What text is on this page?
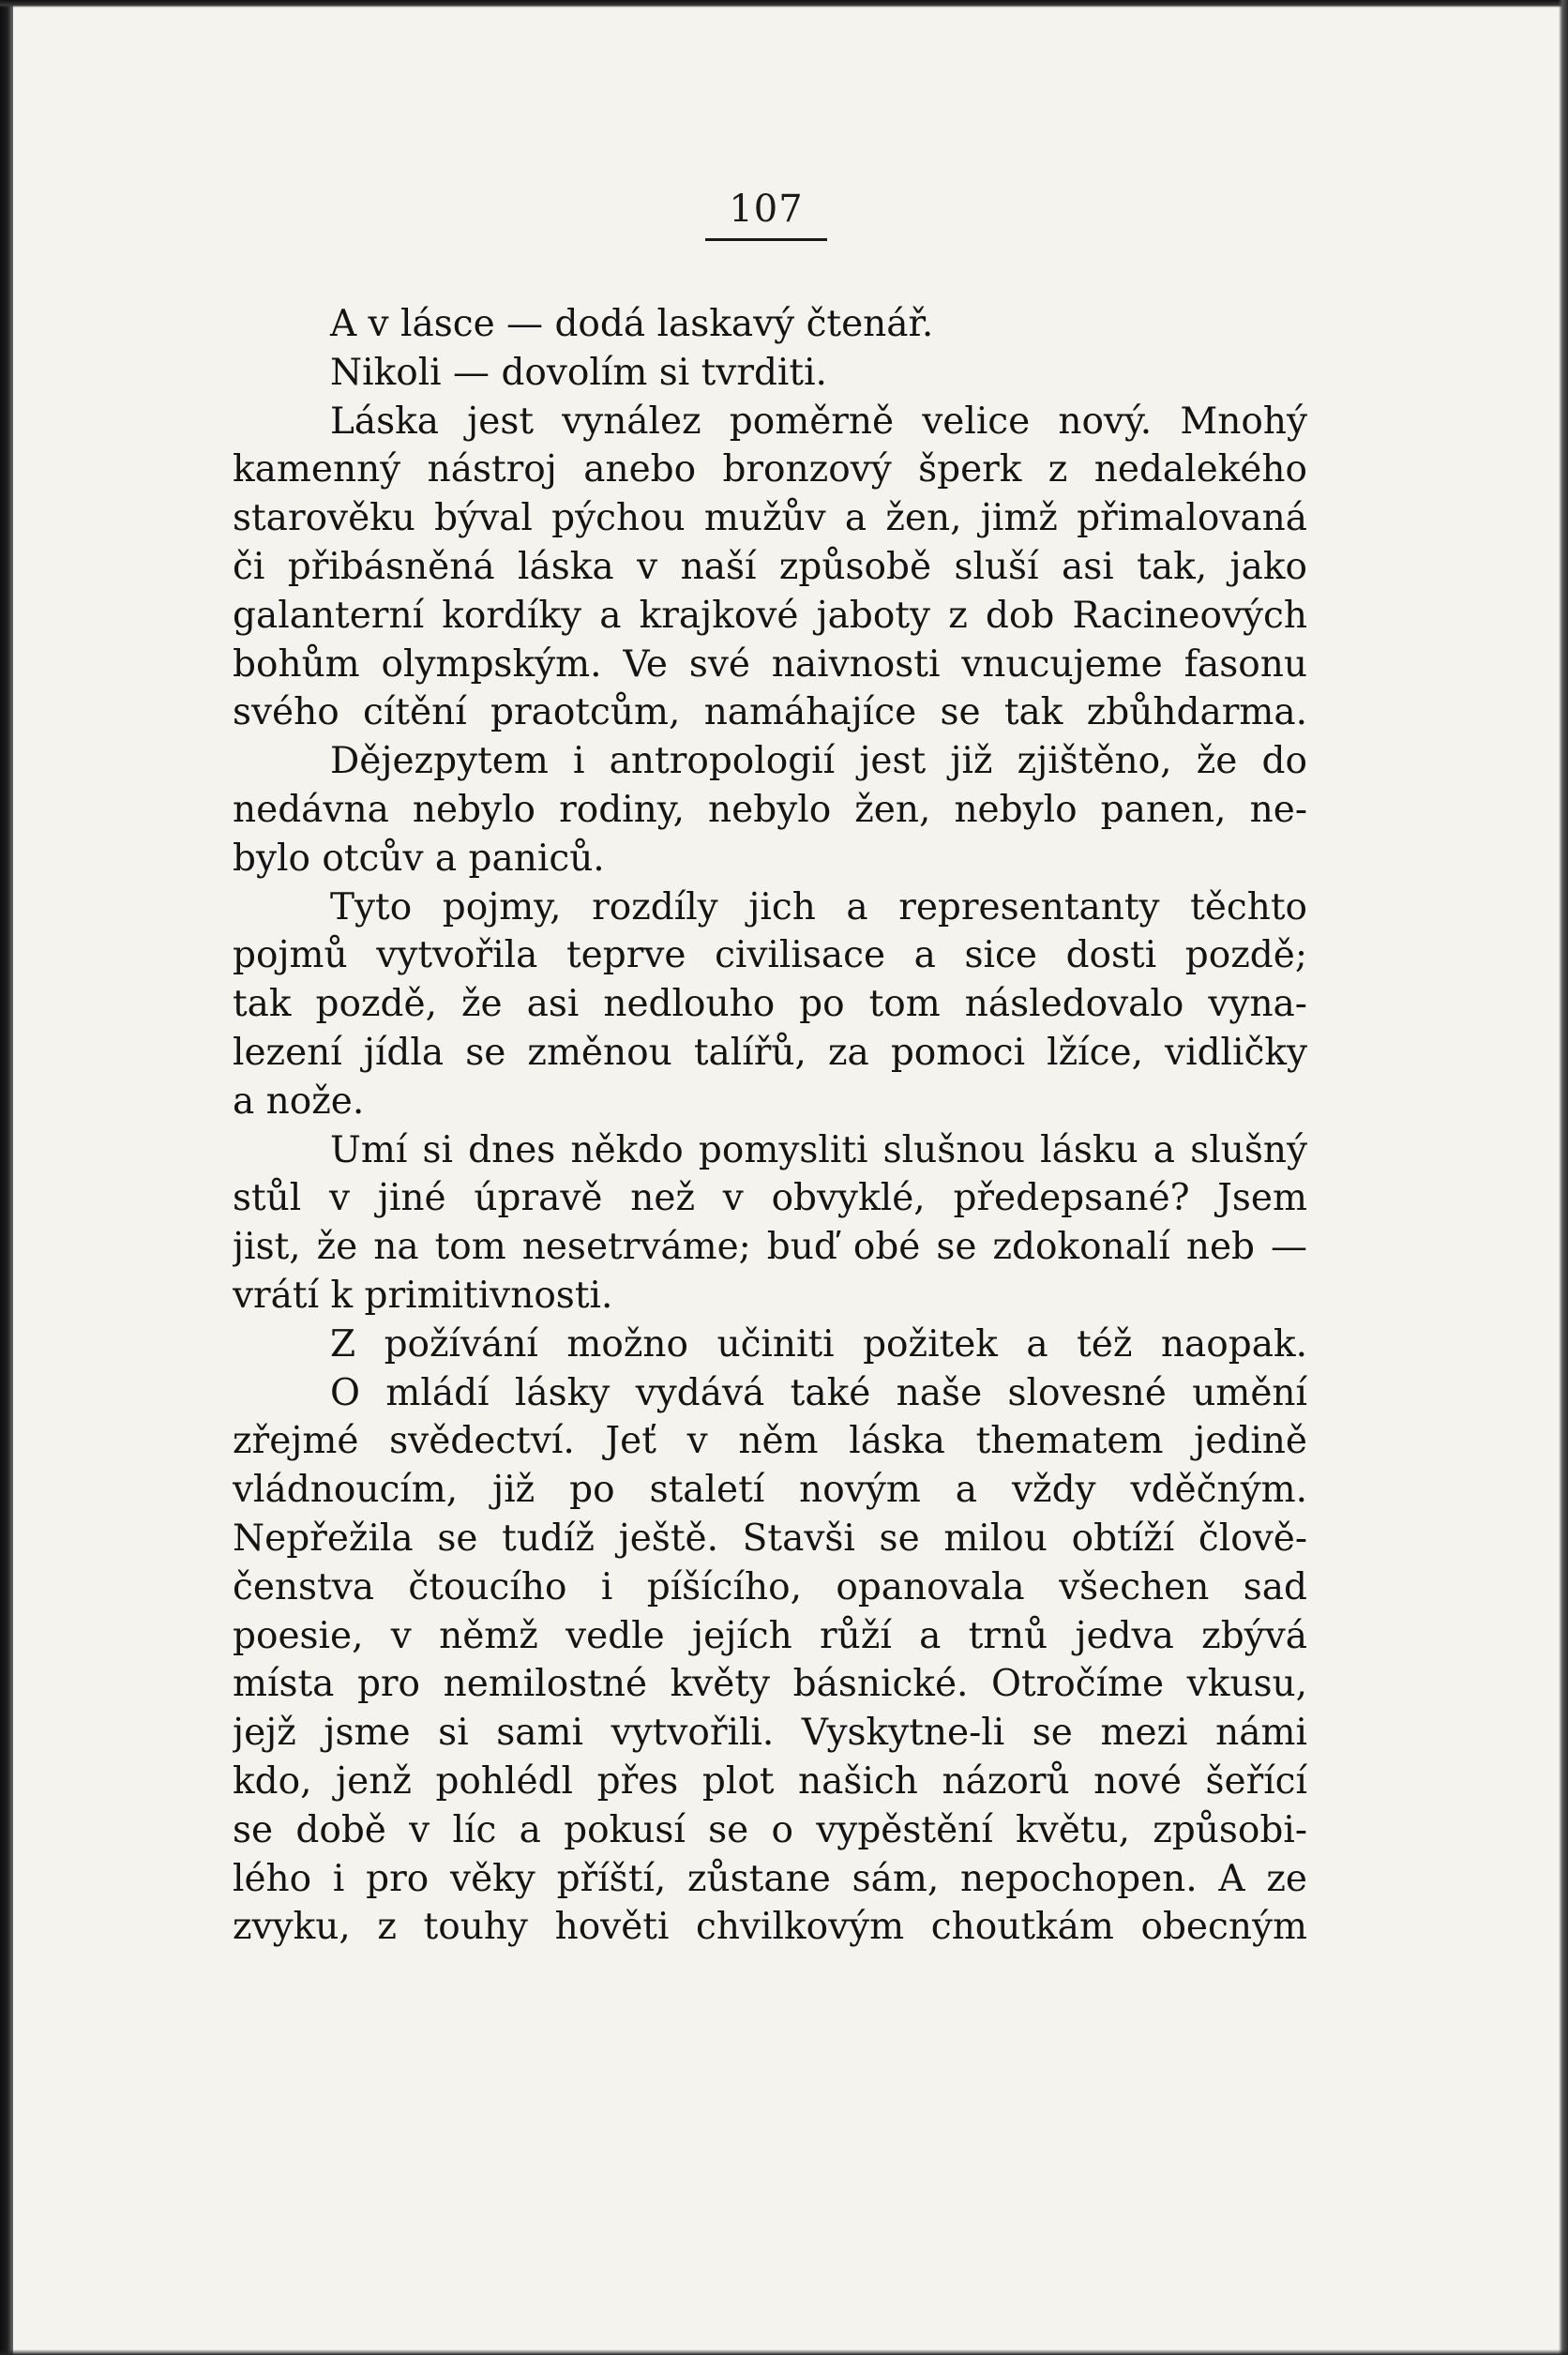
107
A v lásce — dodá laskavý čtenář.
Nikoli — dovolím si tvrditi.
Láska jest vynález poměrně velice nový. Mnohý
kamenný nástroj anebo bronzový šperk z nedalekého
starověku býval pýchou mužův a žen, jimž přimalovaná
či přibásněná láska v naší způsobě sluší asi tak, jako
galanterní kordíky a krajkové jaboty z dob Racineových
bohům olympským. Ve své naivnosti vnucujeme fasonu
svého cítění praotcům, namáhajíce se tak zbůhdarma.
Dějezpytem i antropologií jest již zjištěno, že do
nedávna nebylo rodiny, nebylo žen, nebylo panen, ne-
bylo otcův a paniců.
Tyto pojmy, rozdíly jich a representanty těchto
pojmů vytvořila teprve civilisace a sice dosti pozdě;
tak pozdě, že asi nedlouho po tom následovalo vyna-
lezení jídla se změnou talířů, za pomoci lžíce, vidličky
a nože.
Umí si dnes někdo pomysliti slušnou lásku a slušný
stůl v jiné úpravě než v obvyklé, předepsané? Jsem
jist, že na tom nesetrváme; buď obé se zdokonalí neb —
vrátí k primitivnosti.
Z požívání možno učiniti požitek a též naopak.
O mládí lásky vydává také naše slovesné umění
zřejmé svědectví. Jeť v něm láska thematem jedině
vládnoucím, již po staletí novým a vždy vděčným.
Nepřežila se tudíž ještě. Stavši se milou obtíží člově-
čenstva čtoucího i píšícího, opanovala všechen sad
poesie, v němž vedle jejích růží a trnů jedva zbývá
místa pro nemilostné květy básnické. Otročíme vkusu,
jejž jsme si sami vytvořili. Vyskytne-li se mezi námi
kdo, jenž pohlédl přes plot našich názorů nové šeřící
se době v líc a pokusí se o vypěstění květu, způsobi-
lého i pro věky příští, zůstane sám, nepochopen. A ze
zvyku, z touhy hověti chvilkovým choutkám obecným
